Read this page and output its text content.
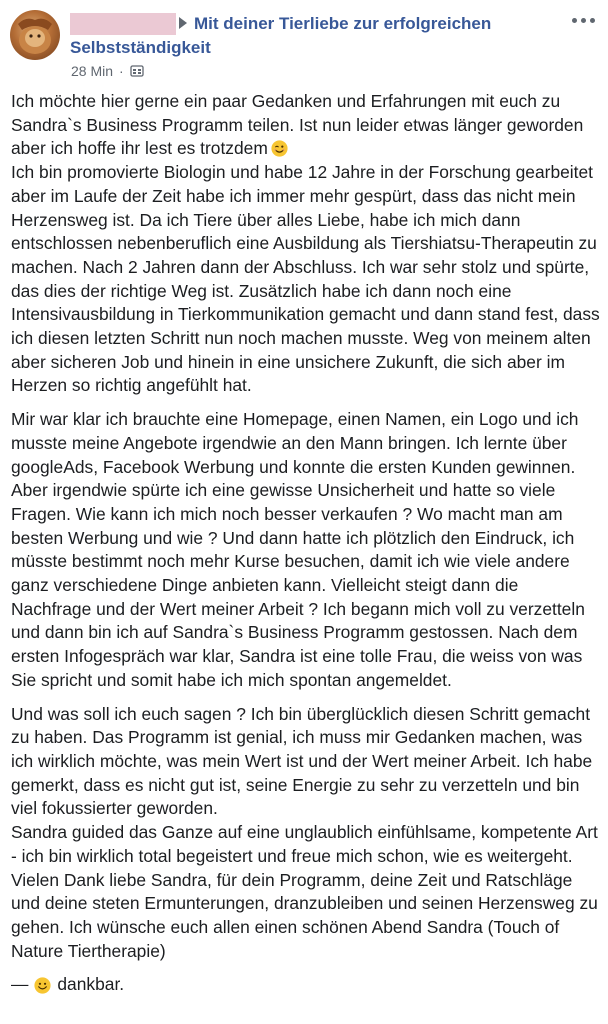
Mit deiner Tierliebe zur erfolgreichen Selbstständigkeit
28 Min ·

Ich möchte hier gerne ein paar Gedanken und Erfahrungen mit euch zu Sandra`s Business Programm teilen. Ist nun leider etwas länger geworden aber ich hoffe ihr lest es trotzdem
Ich bin promovierte Biologin und habe 12 Jahre in der Forschung gearbeitet aber im Laufe der Zeit habe ich immer mehr gespürt, dass das nicht mein Herzensweg ist. Da ich Tiere über alles Liebe, habe ich mich dann entschlossen nebenberuflich eine Ausbildung als Tiershiatsu-Therapeutin zu machen. Nach 2 Jahren dann der Abschluss. Ich war sehr stolz und spürte, das dies der richtige Weg ist. Zusätzlich habe ich dann noch eine Intensivausbildung in Tierkommunikation gemacht und dann stand fest, dass ich diesen letzten Schritt nun noch machen musste. Weg von meinem alten aber sicheren Job und hinein in eine unsichere Zukunft, die sich aber im Herzen so richtig angefühlt hat.

Mir war klar ich brauchte eine Homepage, einen Namen, ein Logo und ich musste meine Angebote irgendwie an den Mann bringen. Ich lernte über googleAds, Facebook Werbung und konnte die ersten Kunden gewinnen. Aber irgendwie spürte ich eine gewisse Unsicherheit und hatte so viele Fragen. Wie kann ich mich noch besser verkaufen ? Wo macht man am besten Werbung und wie ? Und dann hatte ich plötzlich den Eindruck, ich müsste bestimmt noch mehr Kurse besuchen, damit ich wie viele andere ganz verschiedene Dinge anbieten kann. Vielleicht steigt dann die Nachfrage und der Wert meiner Arbeit ? Ich begann mich voll zu verzetteln und dann bin ich auf Sandra`s Business Programm gestossen. Nach dem ersten Infogespräch war klar, Sandra ist eine tolle Frau, die weiss von was Sie spricht und somit habe ich mich spontan angemeldet.

Und was soll ich euch sagen ? Ich bin überglücklich diesen Schritt gemacht zu haben. Das Programm ist genial, ich muss mir Gedanken machen, was ich wirklich möchte, was mein Wert ist und der Wert meiner Arbeit. Ich habe gemerkt, dass es nicht gut ist, seine Energie zu sehr zu verzetteln und bin viel fokussierter geworden.
Sandra guided das Ganze auf eine unglaublich einfühlsame, kompetente Art - ich bin wirklich total begeistert und freue mich schon, wie es weitergeht. Vielen Dank liebe Sandra, für dein Programm, deine Zeit und Ratschläge und deine steten Ermunterungen, dranzubleiben und seinen Herzensweg zu gehen. Ich wünsche euch allen einen schönen Abend Sandra (Touch of Nature Tiertherapie)

— dankbar.
